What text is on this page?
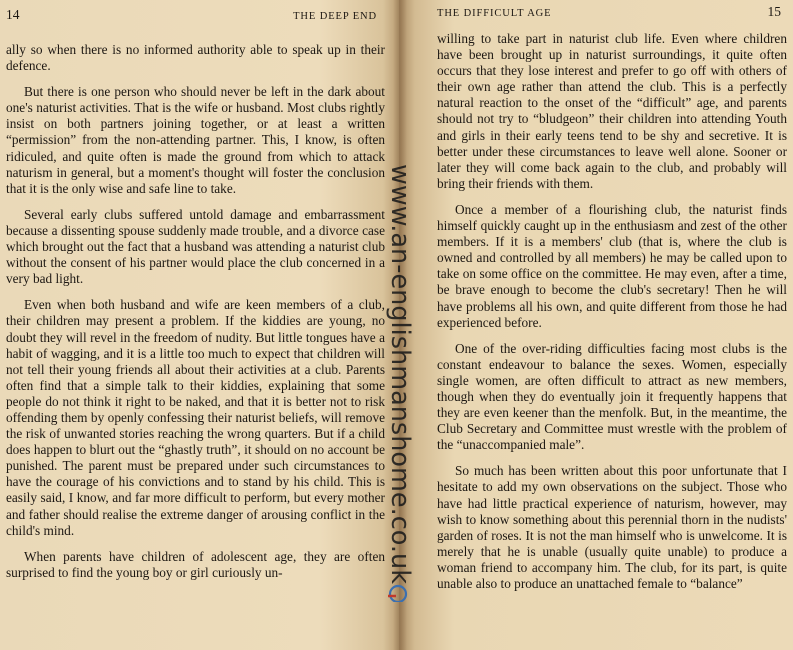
14	THE DEEP END

ally so when there is no informed authority able to speak up in their defence.

But there is one person who should never be left in the dark about one's naturist activities. That is the wife or husband. Most clubs rightly insist on both partners joining together, or at least a written “permission” from the non-attending partner. This, I know, is often ridiculed, and quite often is made the ground from which to attack naturism in general, but a moment's thought will foster the conclusion that it is the only wise and safe line to take.

Several early clubs suffered untold damage and embarrassment because a dissenting spouse suddenly made trouble, and a divorce case which brought out the fact that a husband was attending a naturist club without the consent of his partner would place the club concerned in a very bad light.

Even when both husband and wife are keen members of a club, their children may present a problem. If the kiddies are young, no doubt they will revel in the freedom of nudity. But little tongues have a habit of wagging, and it is a little too much to expect that children will not tell their young friends all about their activities at a club. Parents often find that a simple talk to their kiddies, explaining that some people do not think it right to be naked, and that it is better not to risk offending them by openly confessing their naturist beliefs, will remove the risk of unwanted stories reaching the wrong quarters. But if a child does happen to blurt out the “ghastly truth”, it should on no account be punished. The parent must be prepared under such circumstances to have the courage of his convictions and to stand by his child. This is easily said, I know, and far more difficult to perform, but every mother and father should realise the extreme danger of arousing conflict in the child's mind.

When parents have children of adolescent age, they are often surprised to find the young boy or girl curiously un-

THE DIFFICULT AGE	15

willing to take part in naturist club life. Even where children have been brought up in naturist surroundings, it quite often occurs that they lose interest and prefer to go off with others of their own age rather than attend the club. This is a perfectly natural reaction to the onset of the “difficult” age, and parents should not try to “bludgeon” their children into attending Youth and girls in their early teens tend to be shy and secretive. It is better under these circumstances to leave well alone. Sooner or later they will come back again to the club, and probably will bring their friends with them.

Once a member of a flourishing club, the naturist finds himself quickly caught up in the enthusiasm and zest of the other members. If it is a members' club (that is, where the club is owned and controlled by all members) he may be called upon to take on some office on the committee. He may even, after a time, be brave enough to become the club's secretary! Then he will have problems all his own, and quite different from those he had experienced before.

One of the over-riding difficulties facing most clubs is the constant endeavour to balance the sexes. Women, especially single women, are often difficult to attract as new members, though when they do eventually join it frequently happens that they are even keener than the menfolk. But, in the meantime, the Club Secretary and Committee must wrestle with the problem of the “unaccompanied male”.

So much has been written about this poor unfortunate that I hesitate to add my own observations on the subject. Those who have had little practical experience of naturism, however, may wish to know something about this perennial thorn in the nudists' garden of roses. It is not the man himself who is unwelcome. It is merely that he is unable (usually quite unable) to produce a woman friend to accompany him. The club, for its part, is quite unable also to produce an unattached female to “balance”

www.an-englishmanshome.co.uk
